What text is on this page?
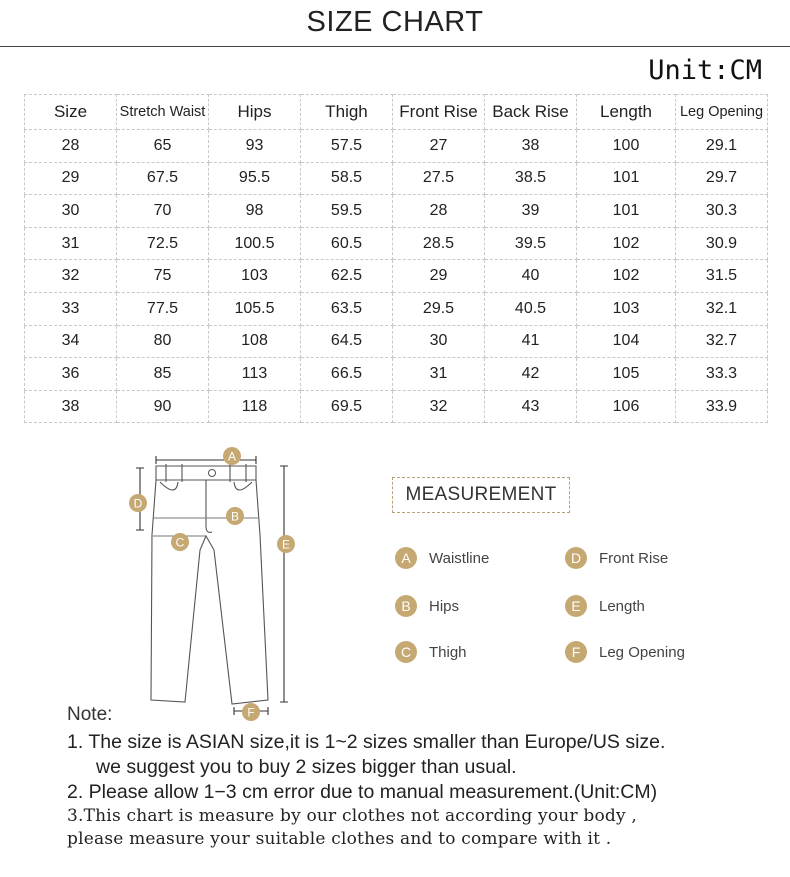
SIZE CHART
Unit:CM
Size	Stretch Waist	Hips	Thigh	Front Rise	Back Rise	Length	Leg Opening
28	65	93	57.5	27	38	100	29.1
29	67.5	95.5	58.5	27.5	38.5	101	29.7
30	70	98	59.5	28	39	101	30.3
31	72.5	100.5	60.5	28.5	39.5	102	30.9
32	75	103	62.5	29	40	102	31.5
33	77.5	105.5	63.5	29.5	40.5	103	32.1
34	80	108	64.5	30	41	104	32.7
36	85	113	66.5	31	42	105	33.3
38	90	118	69.5	32	43	106	33.9
A
B
C
D
E
F
MEASUREMENT
A	Waistline
B	Hips
C	Thigh
D	Front Rise
E	Length
F	Leg Opening
Note:
1. The size is ASIAN size,it is 1~2 sizes smaller than Europe/US size.
we suggest you to buy 2 sizes bigger than usual.
2. Please allow 1−3 cm error due to manual measurement.(Unit:CM)
3.This chart is measure by our clothes not according your body ,
please measure your suitable clothes and to compare with it .
